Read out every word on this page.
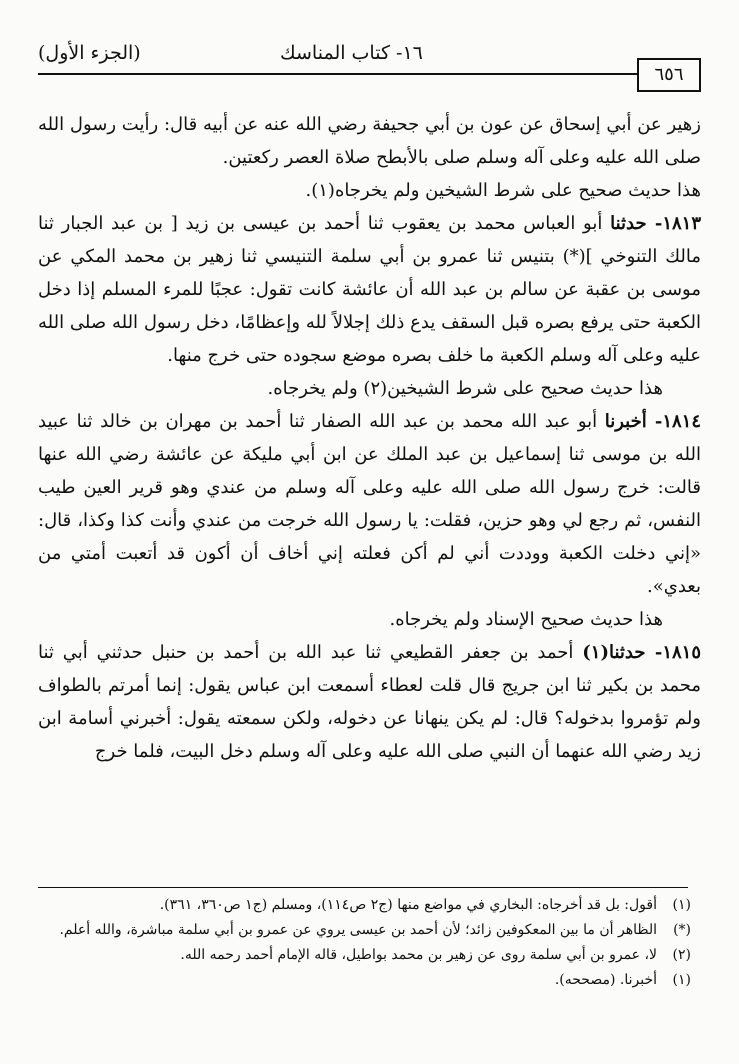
(الجزء الأول)	١٦- كتاب المناسك
٦٥٦

زهير عن أبي إسحاق عن عون بن أبي جحيفة رضي الله عنه عن أبيه قال: رأيت رسول الله صلى الله عليه وعلى آله وسلم صلى بالأبطح صلاة العصر ركعتين.

هذا حديث صحيح على شرط الشيخين ولم يخرجاه(١).

١٨١٣- حدثنا أبو العباس محمد بن يعقوب ثنا أحمد بن عيسى بن زيد [ بن عبد الجبار ثنا مالك التنوخي ](*) بتنيس ثنا عمرو بن أبي سلمة التنيسي ثنا زهير بن محمد المكي عن موسى بن عقبة عن سالم بن عبد الله أن عائشة كانت تقول: عجبًا للمرء المسلم إذا دخل الكعبة حتى يرفع بصره قبل السقف يدع ذلك إجلالاً لله وإعظامًا، دخل رسول الله صلى الله عليه وعلى آله وسلم الكعبة ما خلف بصره موضع سجوده حتى خرج منها.

هذا حديث صحيح على شرط الشيخين(٢) ولم يخرجاه.

١٨١٤- أخبرنا أبو عبد الله محمد بن عبد الله الصفار ثنا أحمد بن مهران بن خالد ثنا عبيد الله بن موسى ثنا إسماعيل بن عبد الملك عن ابن أبي مليكة عن عائشة رضي الله عنها قالت: خرج رسول الله صلى الله عليه وعلى آله وسلم من عندي وهو قرير العين طيب النفس، ثم رجع لي وهو حزين، فقلت: يا رسول الله خرجت من عندي وأنت كذا وكذا، قال: «إني دخلت الكعبة ووددت أني لم أكن فعلته إني أخاف أن أكون قد أتعبت أمتي من بعدي».

هذا حديث صحيح الإسناد ولم يخرجاه.

١٨١٥- حدثنا(١) أحمد بن جعفر القطيعي ثنا عبد الله بن أحمد بن حنبل حدثني أبي ثنا محمد بن بكير ثنا ابن جريج قال قلت لعطاء أسمعت ابن عباس يقول: إنما أمرتم بالطواف ولم تؤمروا بدخوله؟ قال: لم يكن ينهانا عن دخوله، ولكن سمعته يقول: أخبرني أسامة ابن زيد رضي الله عنهما أن النبي صلى الله عليه وعلى آله وسلم دخل البيت، فلما خرج

(١)
أقول: بل قد أخرجاه: البخاري في مواضع منها (ج٢ ص١١٤)، ومسلم (ج١ ص٣٦٠، ٣٦١).
(*)
الظاهر أن ما بين المعكوفين زائد؛ لأن أحمد بن عيسى يروي عن عمرو بن أبي سلمة مباشرة، والله أعلم.
(٢)
لا، عمرو بن أبي سلمة روى عن زهير بن محمد بواطيل، قاله الإمام أحمد رحمه الله.
(١)
أخبرنا. (مصححه).
